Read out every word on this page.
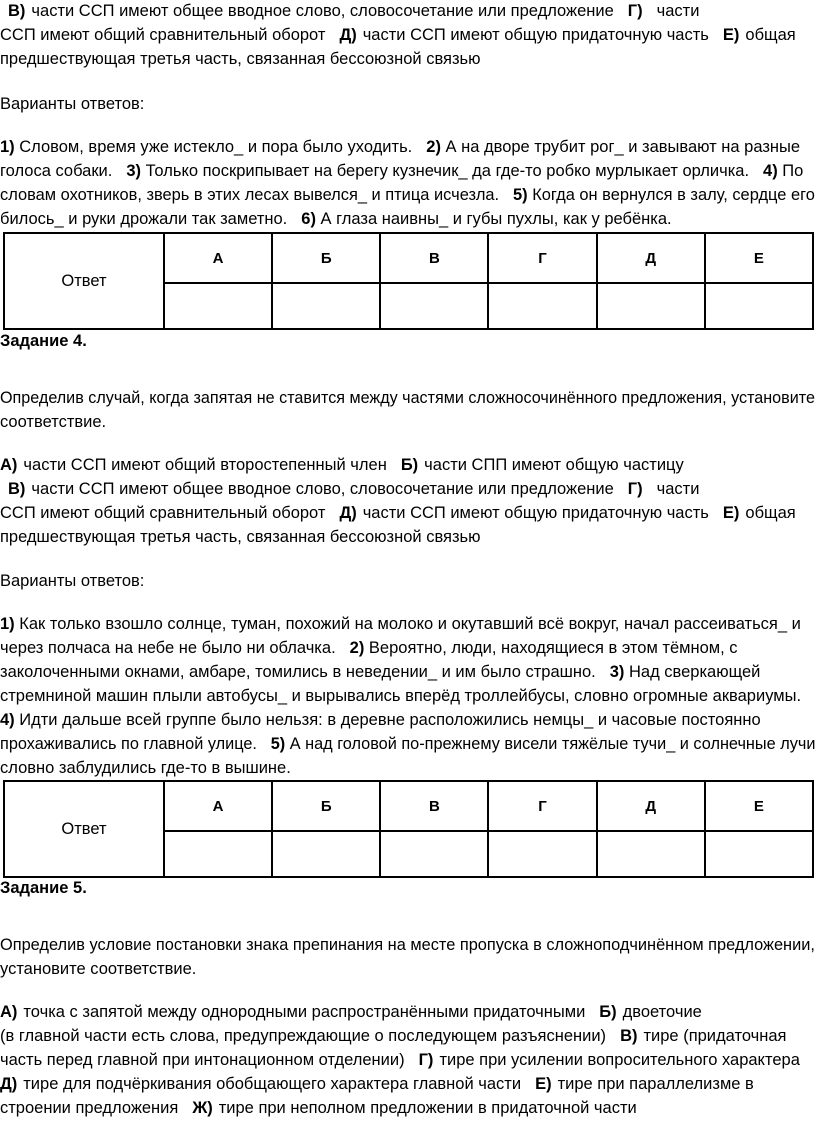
В) части ССП имеют общее вводное слово, словосочетание или предложение Г) части
ССП имеют общий сравнительный оборот Д) части ССП имеют общую придаточную часть Е) общая
предшествующая третья часть, связанная бессоюзной связью
Варианты ответов:
1) Словом, время уже истекло_ и пора было уходить. 2) А на дворе трубит рог_ и завывают на разные
голоса собаки. 3) Только поскрипывает на берегу кузнечик_ да где-то робко мурлыкает орличка. 4) По
словам охотников, зверь в этих лесах вывелся_ и птица исчезла. 5) Когда он вернулся в залу, сердце его
билось_ и руки дрожали так заметно. 6) А глаза наивны_ и губы пухлы, как у ребёнка.
Ответ	А	Б	В	Г	Д	Е

Задание 4.
Определив случай, когда запятая не ставится между частями сложносочинённого предложения, установите
соответствие.
А) части ССП имеют общий второстепенный член Б) части СПП имеют общую частицу
В) части ССП имеют общее вводное слово, словосочетание или предложение Г) части
ССП имеют общий сравнительный оборот Д) части ССП имеют общую придаточную часть Е) общая
предшествующая третья часть, связанная бессоюзной связью
Варианты ответов:
1) Как только взошло солнце, туман, похожий на молоко и окутавший всё вокруг, начал рассеиваться_ и
через полчаса на небе не было ни облачка. 2) Вероятно, люди, находящиеся в этом тёмном, с
заколоченными окнами, амбаре, томились в неведении_ и им было страшно. 3) Над сверкающей
стремниной машин плыли автобусы_ и вырывались вперёд троллейбусы, словно огромные аквариумы.
4) Идти дальше всей группе было нельзя: в деревне расположились немцы_ и часовые постоянно
прохаживались по главной улице. 5) А над головой по-прежнему висели тяжёлые тучи_ и солнечные лучи
словно заблудились где-то в вышине.
Ответ	А	Б	В	Г	Д	Е

Задание 5.
Определив условие постановки знака препинания на месте пропуска в сложноподчинённом предложении,
установите соответствие.
А) точка с запятой между однородными распространёнными придаточными Б) двоеточие
(в главной части есть слова, предупреждающие о последующем разъяснении) В) тире (придаточная
часть перед главной при интонационном отделении) Г) тире при усилении вопросительного характера
Д) тире для подчёркивания обобщающего характера главной части Е) тире при параллелизме в
строении предложения Ж) тире при неполном предложении в придаточной части
